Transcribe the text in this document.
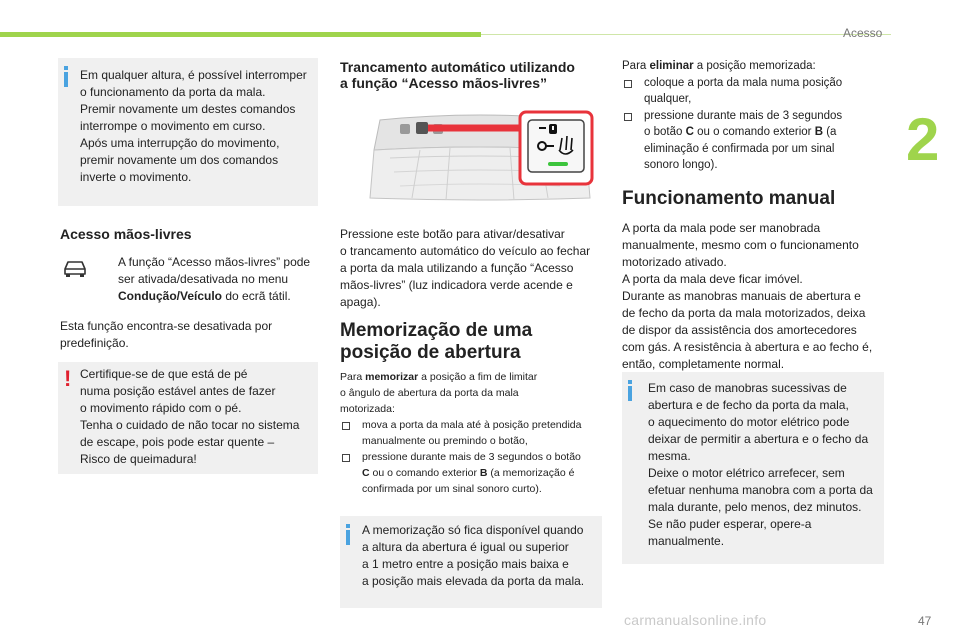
Acesso
2
Em qualquer altura, é possível interromper
o funcionamento da porta da mala.
Premir novamente um destes comandos
interrompe o movimento em curso.
Após uma interrupção do movimento,
premir novamente um dos comandos
inverte o movimento.
Acesso mãos-livres
A função “Acesso mãos-livres” pode
ser ativada/desativada no menu
Condução/Veículo do ecrã tátil.
Esta função encontra-se desativada por
predefinição.
! Certifique-se de que está de pé
numa posição estável antes de fazer
o movimento rápido com o pé.
Tenha o cuidado de não tocar no sistema
de escape, pois pode estar quente –
Risco de queimadura!
Trancamento automático utilizando
a função “Acesso mãos-livres”
Pressione este botão para ativar/desativar
o trancamento automático do veículo ao fechar
a porta da mala utilizando a função “Acesso
mãos-livres” (luz indicadora verde acende e
apaga).
Memorização de uma
posição de abertura
Para memorizar a posição a fim de limitar
o ângulo de abertura da porta da mala
motorizada:
mova a porta da mala até à posição pretendida
manualmente ou premindo o botão,
pressione durante mais de 3 segundos o botão
C ou o comando exterior B (a memorização é
confirmada por um sinal sonoro curto).
A memorização só fica disponível quando
a altura da abertura é igual ou superior
a 1 metro entre a posição mais baixa e
a posição mais elevada da porta da mala.
Para eliminar a posição memorizada:
coloque a porta da mala numa posição
qualquer,
pressione durante mais de 3 segundos
o botão C ou o comando exterior B (a
eliminação é confirmada por um sinal
sonoro longo).
Funcionamento manual
A porta da mala pode ser manobrada
manualmente, mesmo com o funcionamento
motorizado ativado.
A porta da mala deve ficar imóvel.
Durante as manobras manuais de abertura e
de fecho da porta da mala motorizados, deixa
de dispor da assistência dos amortecedores
com gás. A resistência à abertura e ao fecho é,
então, completamente normal.
Em caso de manobras sucessivas de
abertura e de fecho da porta da mala,
o aquecimento do motor elétrico pode
deixar de permitir a abertura e o fecho da
mesma.
Deixe o motor elétrico arrefecer, sem
efetuar nenhuma manobra com a porta da
mala durante, pelo menos, dez minutos.
Se não puder esperar, opere-a
manualmente.
carmanualsonline.info	47
